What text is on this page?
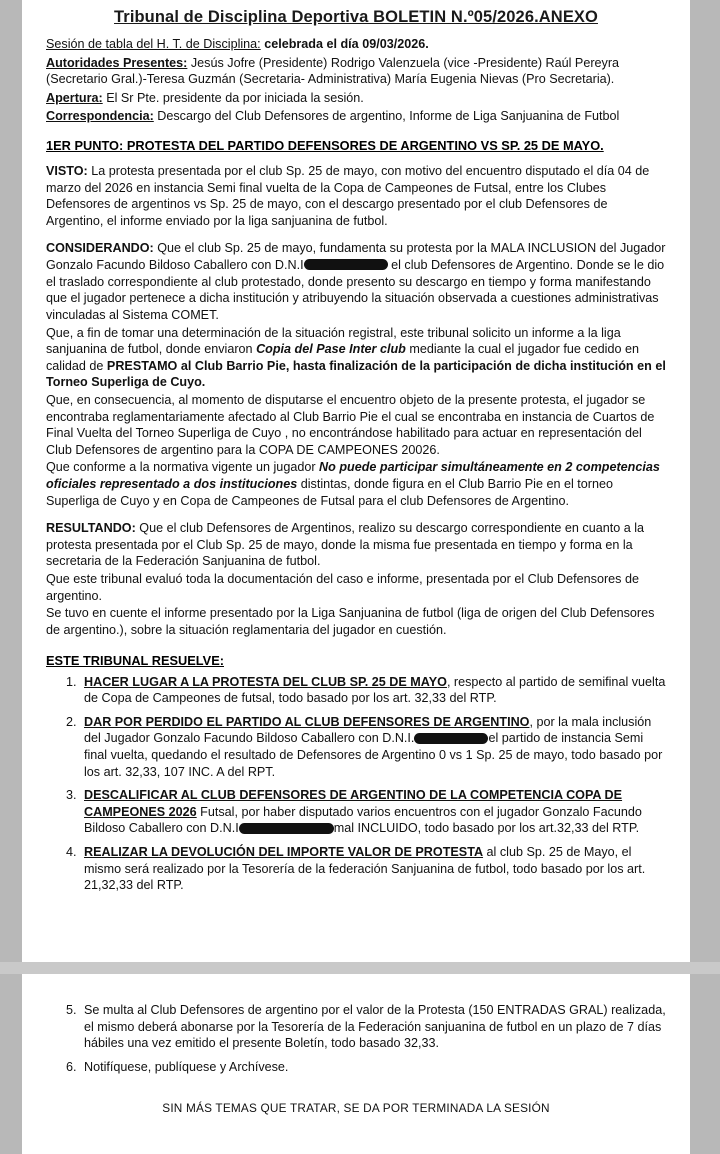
Tribunal de Disciplina Deportiva BOLETIN N.º05/2026.ANEXO

Sesión de tabla del H. T. de Disciplina: celebrada el día 09/03/2026.

Autoridades Presentes: Jesús Jofre (Presidente) Rodrigo Valenzuela (vice -Presidente) Raúl Pereyra (Secretario Gral.)-Teresa Guzmán (Secretaria- Administrativa) María Eugenia Nievas (Pro Secretaria).

Apertura: El Sr Pte. presidente da por iniciada la sesión.

Correspondencia: Descargo del Club Defensores de argentino, Informe de Liga Sanjuanina de Futbol

1ER PUNTO: PROTESTA DEL PARTIDO DEFENSORES DE ARGENTINO VS SP. 25 DE MAYO.

VISTO: La protesta presentada por el club Sp. 25 de mayo, con motivo del encuentro disputado el día 04 de marzo del 2026 en instancia Semi final vuelta de la Copa de Campeones de Futsal, entre los Clubes Defensores de argentinos vs Sp. 25 de mayo, con el descargo presentado por el club Defensores de Argentino, el informe enviado por la liga sanjuanina de futbol.

CONSIDERANDO: Que el club Sp. 25 de mayo, fundamenta su protesta por la MALA INCLUSION del Jugador Gonzalo Facundo Bildoso Caballero con D.N.I	el club Defensores de Argentino. Donde se le dio el traslado correspondiente al club protestado, donde presento su descargo en tiempo y forma manifestando que el jugador pertenece a dicha institución y atribuyendo la situación observada a cuestiones administrativas vinculadas al Sistema COMET.

Que, a fin de tomar una determinación de la situación registral, este tribunal solicito un informe a la liga sanjuanina de futbol, donde enviaron Copia del Pase Inter club mediante la cual el jugador fue cedido en calidad de PRESTAMO al Club Barrio Pie, hasta finalización de la participación de dicha institución en el Torneo Superliga de Cuyo.

Que, en consecuencia, al momento de disputarse el encuentro objeto de la presente protesta, el jugador se encontraba reglamentariamente afectado al Club Barrio Pie el cual se encontraba en instancia de Cuartos de Final Vuelta del Torneo Superliga de Cuyo , no encontrándose habilitado para actuar en representación del Club Defensores de argentino para la COPA DE CAMPEONES 20026.

Que conforme a la normativa vigente un jugador No puede participar simultáneamente en 2 competencias oficiales representado a dos instituciones distintas, donde figura en el Club Barrio Pie en el torneo Superliga de Cuyo y en Copa de Campeones de Futsal para el club Defensores de Argentino.

RESULTANDO: Que el club Defensores de Argentinos, realizo su descargo correspondiente en cuanto a la protesta presentada por el Club Sp. 25 de mayo, donde la misma fue presentada en tiempo y forma en la secretaria de la Federación Sanjuanina de futbol.

Que este tribunal evaluó toda la documentación del caso e informe, presentada por el Club Defensores de argentino.

Se tuvo en cuente el informe presentado por la Liga Sanjuanina de futbol (liga de origen del Club Defensores de argentino.), sobre la situación reglamentaria del jugador en cuestión.

ESTE TRIBUNAL RESUELVE:
1. HACER LUGAR A LA PROTESTA DEL CLUB SP. 25 DE MAYO, respecto al partido de semifinal vuelta de Copa de Campeones de futsal, todo basado por los art. 32,33 del RTP.
2. DAR POR PERDIDO EL PARTIDO AL CLUB DEFENSORES DE ARGENTINO, por la mala inclusión del Jugador Gonzalo Facundo Bildoso Caballero con D.N.I.	el partido de instancia Semi final vuelta, quedando el resultado de Defensores de Argentino 0 vs 1 Sp. 25 de mayo, todo basado por los art. 32,33, 107 INC. A del RPT.
3. DESCALIFICAR AL CLUB DEFENSORES DE ARGENTINO DE LA COMPETENCIA COPA DE CAMPEONES 2026 Futsal, por haber disputado varios encuentros con el jugador Gonzalo Facundo Bildoso Caballero con D.N.I	mal INCLUIDO, todo basado por los art.32,33 del RTP.
4. REALIZAR LA DEVOLUCIÓN DEL IMPORTE VALOR DE PROTESTA al club Sp. 25 de Mayo, el mismo será realizado por la Tesorería de la federación Sanjuanina de futbol, todo basado por los art. 21,32,33 del RTP.
5. Se multa al Club Defensores de argentino por el valor de la Protesta (150 ENTRADAS GRAL) realizada, el mismo deberá abonarse por la Tesorería de la Federación sanjuanina de futbol en un plazo de 7 días hábiles una vez emitido el presente Boletín, todo basado 32,33.
6. Notifíquese, publíquese y Archívese.
SIN MÁS TEMAS QUE TRATAR, SE DA POR TERMINADA LA SESIÓN
